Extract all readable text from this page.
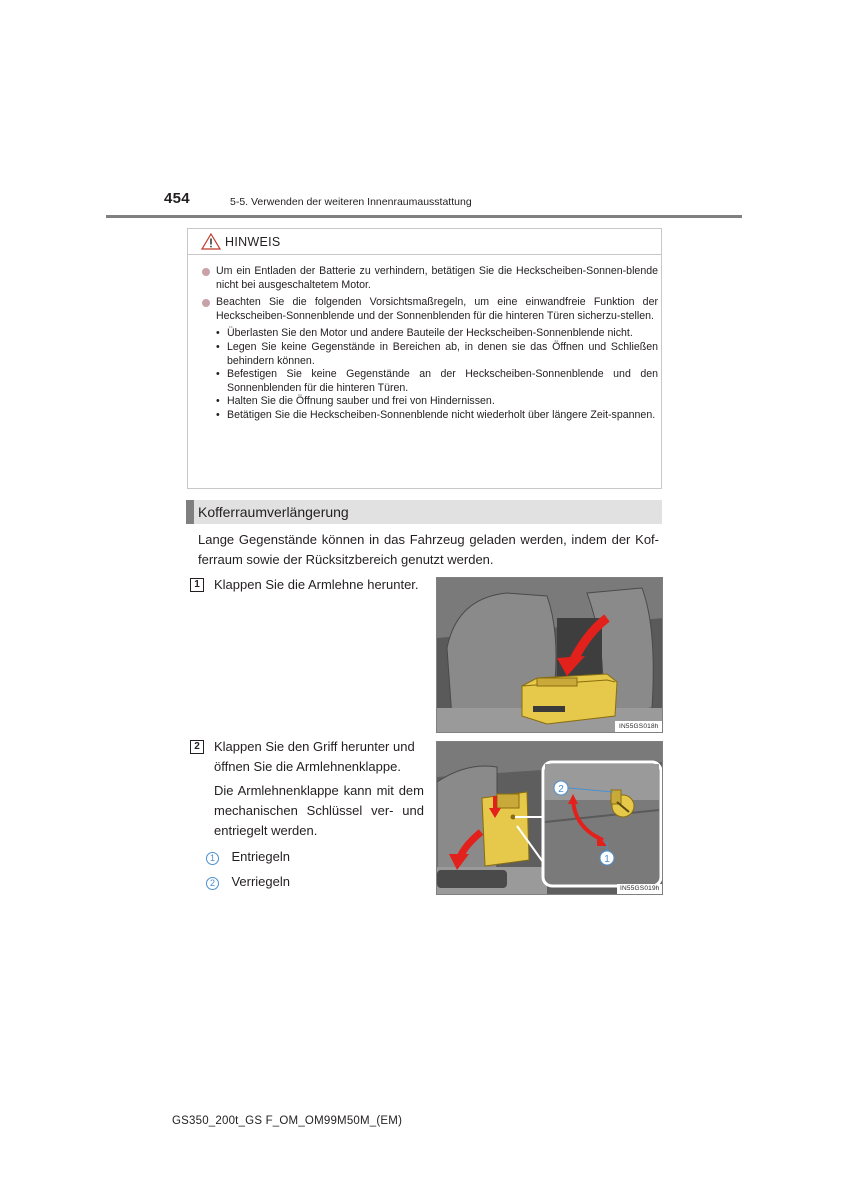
454	5-5. Verwenden der weiteren Innenraumausstattung
HINWEIS
Um ein Entladen der Batterie zu verhindern, betätigen Sie die Heckscheiben-Sonnen-blende nicht bei ausgeschaltetem Motor.
Beachten Sie die folgenden Vorsichtsmaßregeln, um eine einwandfreie Funktion der Heckscheiben-Sonnenblende und der Sonnenblenden für die hinteren Türen sicherzu-stellen.
• Überlasten Sie den Motor und andere Bauteile der Heckscheiben-Sonnenblende nicht.
• Legen Sie keine Gegenstände in Bereichen ab, in denen sie das Öffnen und Schließen behindern können.
• Befestigen Sie keine Gegenstände an der Heckscheiben-Sonnenblende und den Sonnenblenden für die hinteren Türen.
• Halten Sie die Öffnung sauber und frei von Hindernissen.
• Betätigen Sie die Heckscheiben-Sonnenblende nicht wiederholt über längere Zeit-spannen.
Kofferraumverlängerung
Lange Gegenstände können in das Fahrzeug geladen werden, indem der Kof-ferraum sowie der Rücksitzbereich genutzt werden.
1	Klappen Sie die Armlehne herunter.
IN55GS018h
2	Klappen Sie den Griff herunter und öffnen Sie die Armlehnenklappe.
Die Armlehnenklappe kann mit dem mechanischen Schlüssel ver- und entriegelt werden.
1 Entriegeln
2 Verriegeln
2
1
IN55GS019h
GS350_200t_GS F_OM_OM99M50M_(EM)
